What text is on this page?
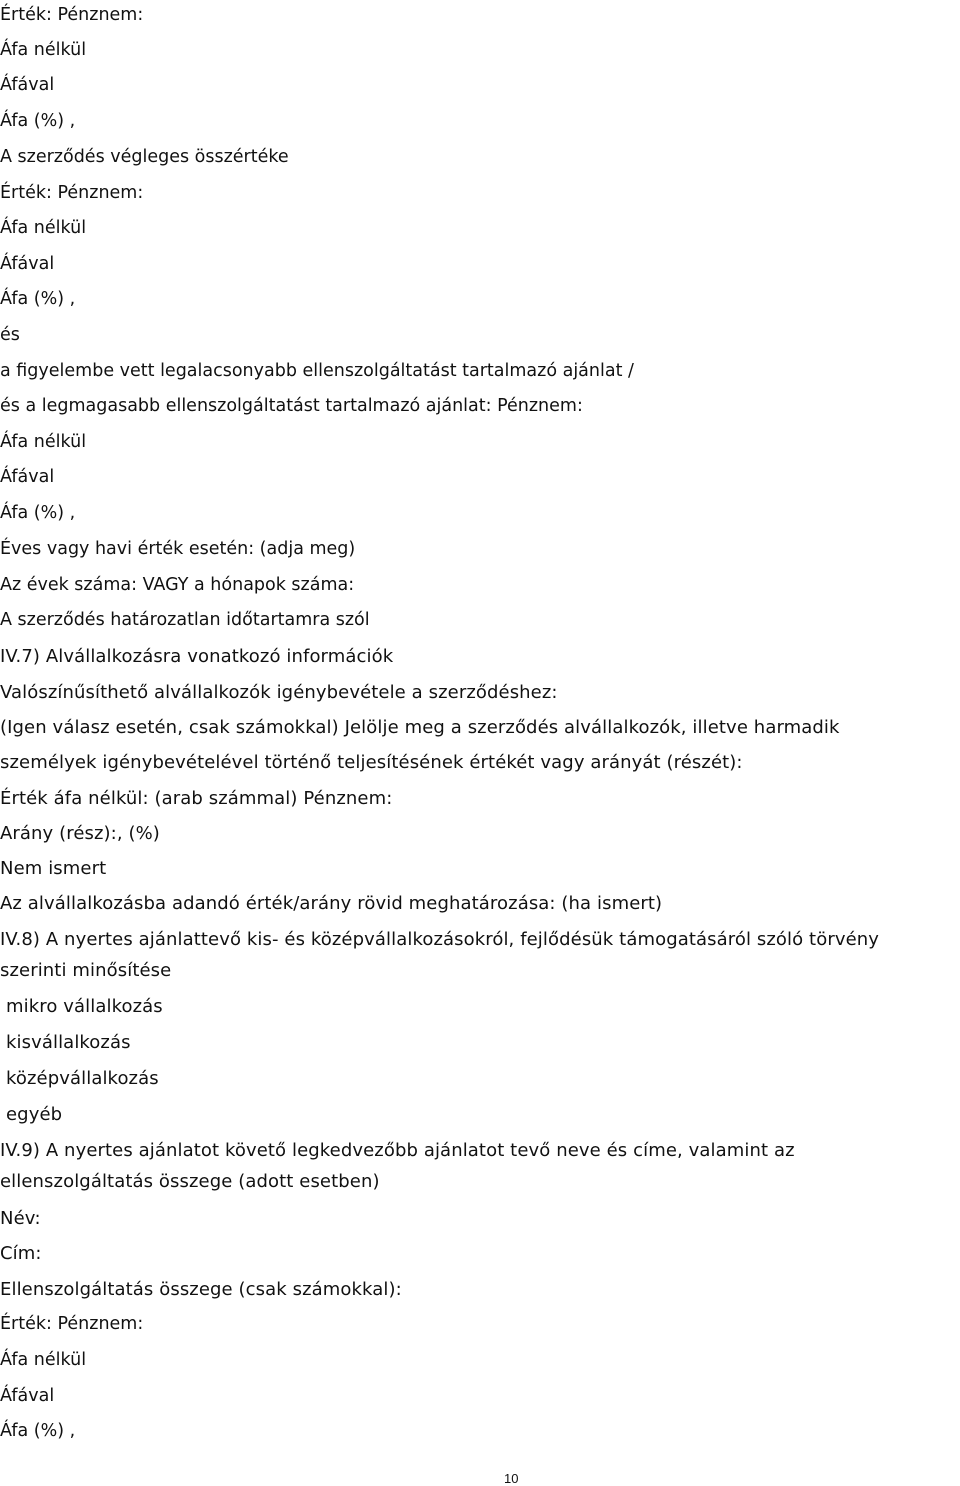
Érték: Pénznem:
Áfa nélkül
Áfával
Áfa (%) ,
A szerződés végleges összértéke
Érték: Pénznem:
Áfa nélkül
Áfával
Áfa (%) ,
és
a figyelembe vett legalacsonyabb ellenszolgáltatást tartalmazó ajánlat /
és a legmagasabb ellenszolgáltatást tartalmazó ajánlat: Pénznem:
Áfa nélkül
Áfával
Áfa (%) ,
Éves vagy havi érték esetén: (adja meg)
Az évek száma: VAGY a hónapok száma:
A szerződés határozatlan időtartamra szól
IV.7) Alvállalkozásra vonatkozó információk
Valószínűsíthető alvállalkozók igénybevétele a szerződéshez:
(Igen válasz esetén, csak számokkal) Jelölje meg a szerződés alvállalkozók, illetve harmadik
személyek igénybevételével történő teljesítésének értékét vagy arányát (részét):
Érték áfa nélkül: (arab számmal) Pénznem:
Arány (rész):, (%)
Nem ismert
Az alvállalkozásba adandó érték/arány rövid meghatározása: (ha ismert)
IV.8) A nyertes ajánlattevő kis- és középvállalkozásokról, fejlődésük támogatásáról szóló törvény
szerinti minősítése
mikro vállalkozás
kisvállalkozás
középvállalkozás
egyéb
IV.9) A nyertes ajánlatot követő legkedvezőbb ajánlatot tevő neve és címe, valamint az
ellenszolgáltatás összege (adott esetben)
Név:
Cím:
Ellenszolgáltatás összege (csak számokkal):
Érték: Pénznem:
Áfa nélkül
Áfával
Áfa (%) ,
10
